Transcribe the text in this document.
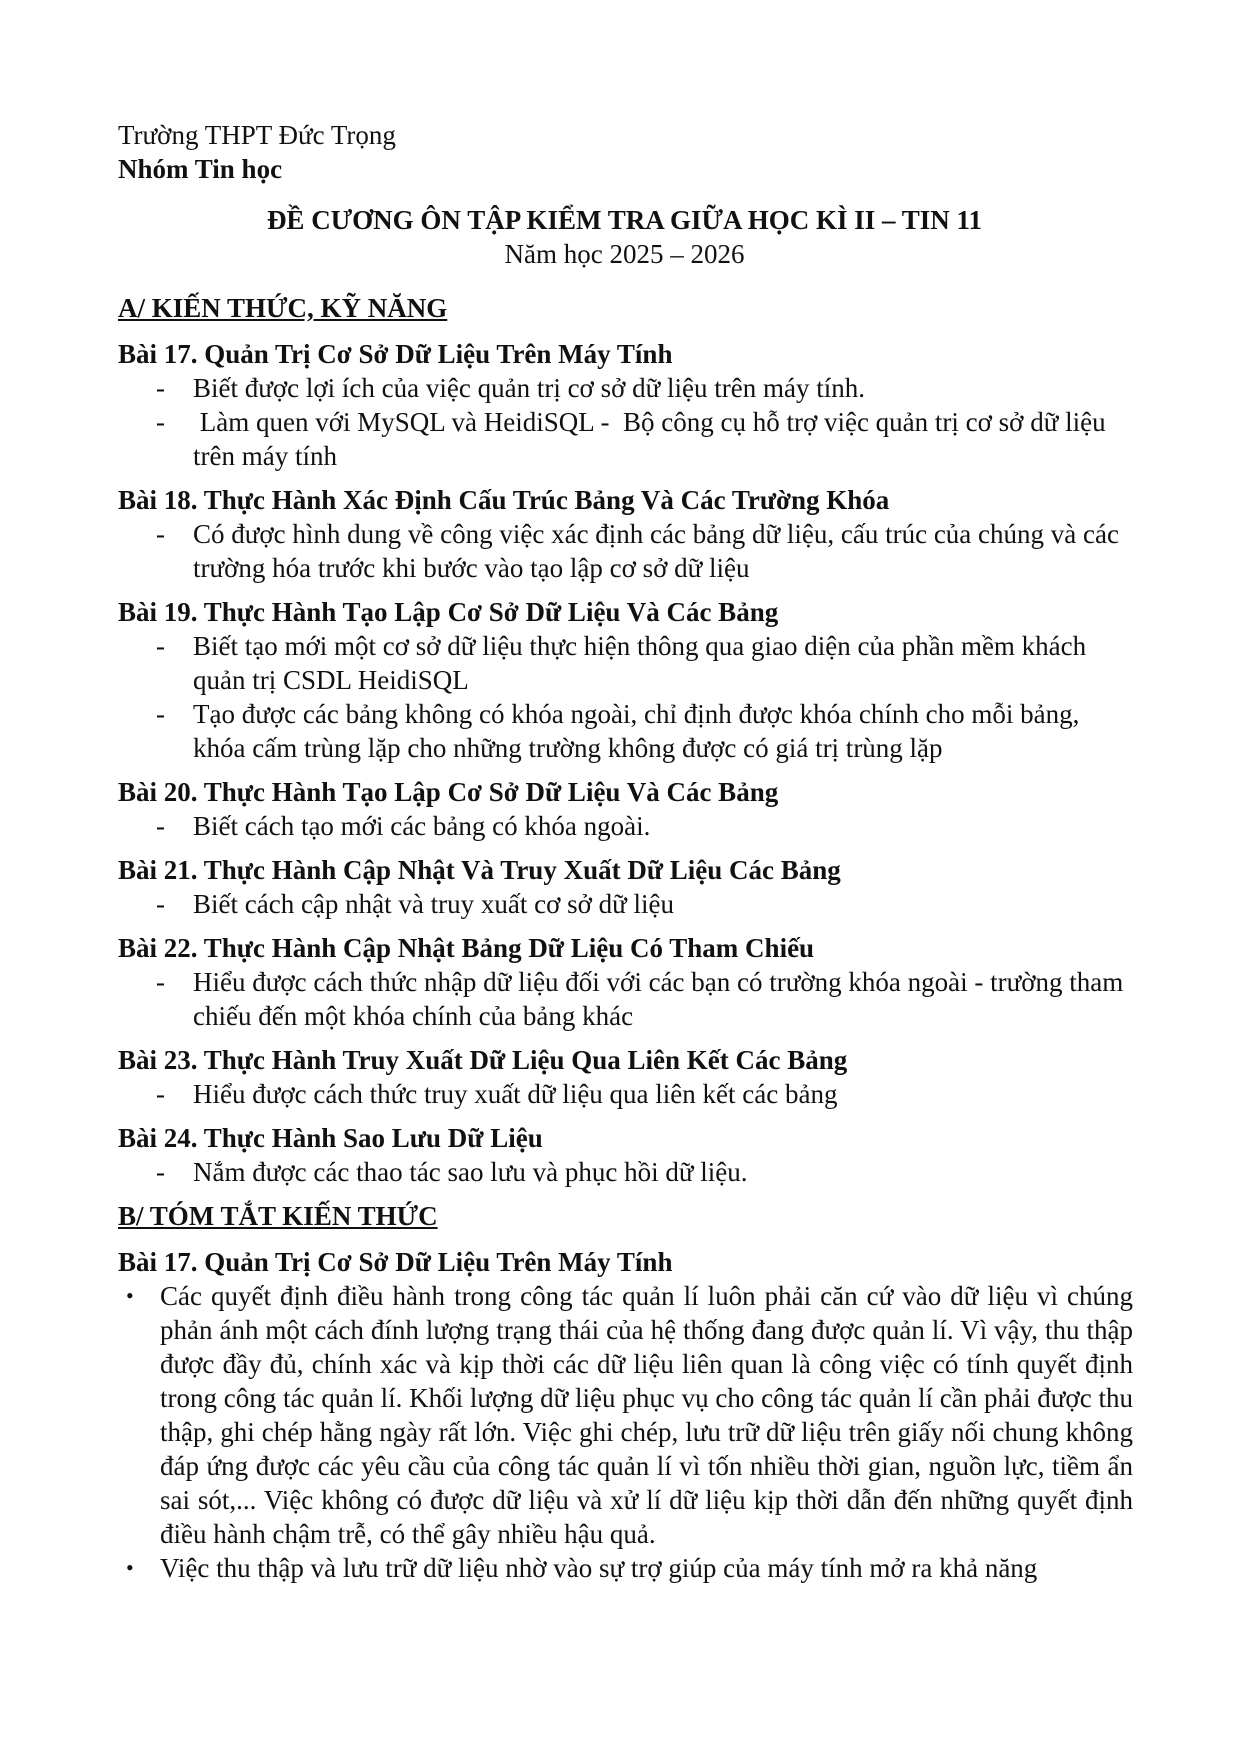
Trường THPT Đức Trọng
Nhóm Tin học
ĐỀ CƯƠNG ÔN TẬP KIỂM TRA GIỮA HỌC KÌ II – TIN 11
Năm học 2025 – 2026
A/ KIẾN THỨC, KỸ NĂNG
Bài 17. Quản Trị Cơ Sở Dữ Liệu Trên Máy Tính
- Biết được lợi ích của việc quản trị cơ sở dữ liệu trên máy tính.
- Làm quen với MySQL và HeidiSQL -  Bộ công cụ hỗ trợ việc quản trị cơ sở dữ liệu trên máy tính
Bài 18. Thực Hành Xác Định Cấu Trúc Bảng Và Các Trường Khóa
- Có được hình dung về công việc xác định các bảng dữ liệu, cấu trúc của chúng và các trường hóa trước khi bước vào tạo lập cơ sở dữ liệu
Bài 19. Thực Hành Tạo Lập Cơ Sở Dữ Liệu Và Các Bảng
- Biết tạo mới một cơ sở dữ liệu thực hiện thông qua giao diện của phần mềm khách quản trị CSDL HeidiSQL
- Tạo được các bảng không có khóa ngoài, chỉ định được khóa chính cho mỗi bảng, khóa cấm trùng lặp cho những trường không được có giá trị trùng lặp
Bài 20. Thực Hành Tạo Lập Cơ Sở Dữ Liệu Và Các Bảng
- Biết cách tạo mới các bảng có khóa ngoài.
Bài 21. Thực Hành Cập Nhật Và Truy Xuất Dữ Liệu Các Bảng
- Biết cách cập nhật và truy xuất cơ sở dữ liệu
Bài 22. Thực Hành Cập Nhật Bảng Dữ Liệu Có Tham Chiếu
- Hiểu được cách thức nhập dữ liệu đối với các bạn có trường khóa ngoài - trường tham chiếu đến một khóa chính của bảng khác
Bài 23. Thực Hành Truy Xuất Dữ Liệu Qua Liên Kết Các Bảng
- Hiểu được cách thức truy xuất dữ liệu qua liên kết các bảng
Bài 24. Thực Hành Sao Lưu Dữ Liệu
- Nắm được các thao tác sao lưu và phục hồi dữ liệu.
B/ TÓM TẮT KIẾN THỨC
Bài 17. Quản Trị Cơ Sở Dữ Liệu Trên Máy Tính
• Các quyết định điều hành trong công tác quản lí luôn phải căn cứ vào dữ liệu vì chúng phản ánh một cách đính lượng trạng thái của hệ thống đang được quản lí. Vì vậy, thu thập được đầy đủ, chính xác và kịp thời các dữ liệu liên quan là công việc có tính quyết định trong công tác quản lí. Khối lượng dữ liệu phục vụ cho công tác quản lí cần phải được thu thập, ghi chép hằng ngày rất lớn. Việc ghi chép, lưu trữ dữ liệu trên giấy nối chung không đáp ứng được các yêu cầu của công tác quản lí vì tốn nhiều thời gian, nguồn lực, tiềm ẩn sai sót,... Việc không có được dữ liệu và xử lí dữ liệu kịp thời dẫn đến những quyết định điều hành chậm trễ, có thể gây nhiều hậu quả.
• Việc thu thập và lưu trữ dữ liệu nhờ vào sự trợ giúp của máy tính mở ra khả năng
